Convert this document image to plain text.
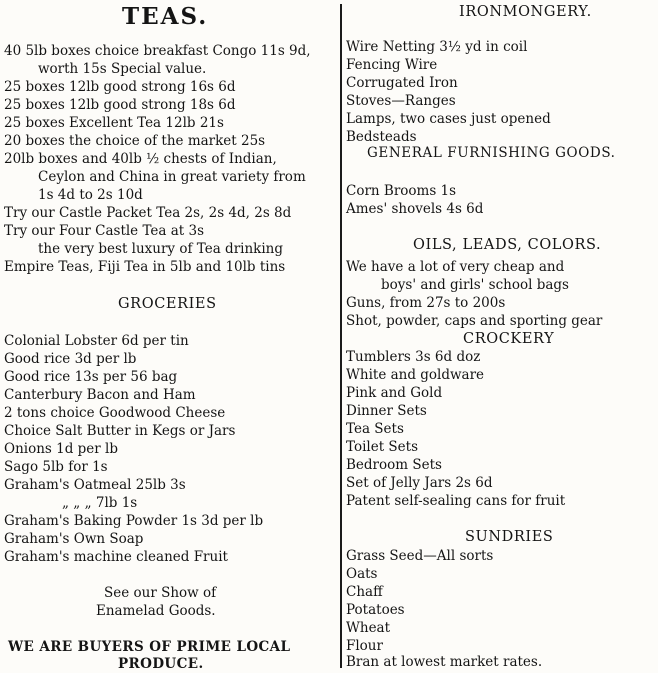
TEAS.
40 5lb boxes choice breakfast Congo 11s 9d,
worth 15s Special value.
25 boxes 12lb good strong 16s 6d
25 boxes 12lb good strong 18s 6d
25 boxes Excellent Tea 12lb 21s
20 boxes the choice of the market 25s
20lb boxes and 40lb ½ chests of Indian,
Ceylon and China in great variety from
1s 4d to 2s 10d
Try our Castle Packet Tea 2s, 2s 4d, 2s 8d
Try our Four Castle Tea at 3s
the very best luxury of Tea drinking
Empire Teas, Fiji Tea in 5lb and 10lb tins
GROCERIES
Colonial Lobster 6d per tin
Good rice 3d per lb
Good rice 13s per 56 bag
Canterbury Bacon and Ham
2 tons choice Goodwood Cheese
Choice Salt Butter in Kegs or Jars
Onions 1d per lb
Sago 5lb for 1s
Graham's Oatmeal 25lb 3s
„ „ „ 7lb 1s
Graham's Baking Powder 1s 3d per lb
Graham's Own Soap
Graham's machine cleaned Fruit
See our Show of
Enamelad Goods.
WE ARE BUYERS OF PRIME LOCAL
PRODUCE.
IRONMONGERY.
Wire Netting 3½ yd in coil
Fencing Wire
Corrugated Iron
Stoves—Ranges
Lamps, two cases just opened
Bedsteads
GENERAL FURNISHING GOODS.
Corn Brooms 1s
Ames' shovels 4s 6d
OILS, LEADS, COLORS.
We have a lot of very cheap and
boys' and girls' school bags
Guns, from 27s to 200s
Shot, powder, caps and sporting gear
CROCKERY
Tumblers 3s 6d doz
White and goldware
Pink and Gold
Dinner Sets
Tea Sets
Toilet Sets
Bedroom Sets
Set of Jelly Jars 2s 6d
Patent self-sealing cans for fruit
SUNDRIES
Grass Seed—All sorts
Oats
Chaff
Potatoes
Wheat
Flour
Bran at lowest market rates.
